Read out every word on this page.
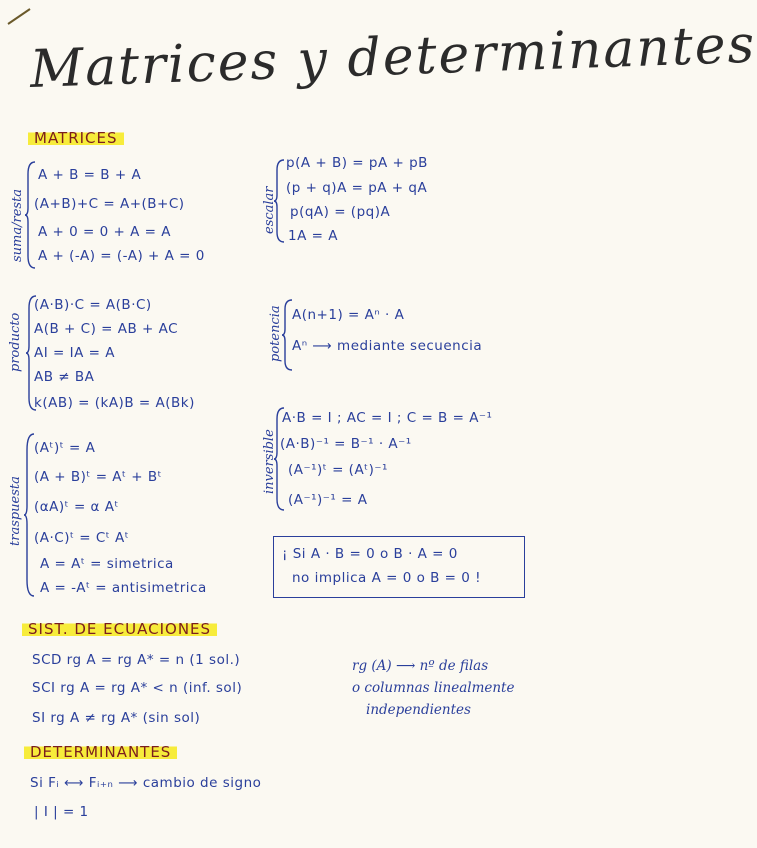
Matrices y determinantes
MATRICES
suma/resta
A + B = B + A
(A+B)+C = A+(B+C)
A + 0 = 0 + A = A
A + (-A) = (-A) + A = 0
escalar
p(A + B) = pA + pB
(p + q)A = pA + qA
p(qA) = (pq)A
1A = A
producto
(A·B)·C = A(B·C)
A(B + C) = AB + AC
AI = IA = A
AB ≠ BA
k(AB) = (kA)B = A(Bk)
potencia A(n+1) = Aⁿ · A
Aⁿ ⟶ mediante secuencia
inversible
A·B = I ; AC = I ; C = B = A⁻¹
(A·B)⁻¹ = B⁻¹ · A⁻¹
(A⁻¹)ᵗ = (Aᵗ)⁻¹
(A⁻¹)⁻¹ = A
traspuesta
(Aᵗ)ᵗ = A
(A + B)ᵗ = Aᵗ + Bᵗ
(αA)ᵗ = α Aᵗ
(A·C)ᵗ = Cᵗ Aᵗ
A = Aᵗ = simetrica
A = -Aᵗ = antisimetrica
¡ Si A · B = 0 o B · A = 0
no implica A = 0 o B = 0 !
SIST. DE ECUACIONES
SCD rg A = rg A* = n (1 sol.)
SCI rg A = rg A* < n (inf. sol)
SI rg A ≠ rg A* (sin sol)
rg (A) ⟶ nº de filas
o columnas linealmente
independientes
DETERMINANTES
Si Fᵢ ⟷ Fᵢ₊ₙ ⟶ cambio de signo
| I | = 1
